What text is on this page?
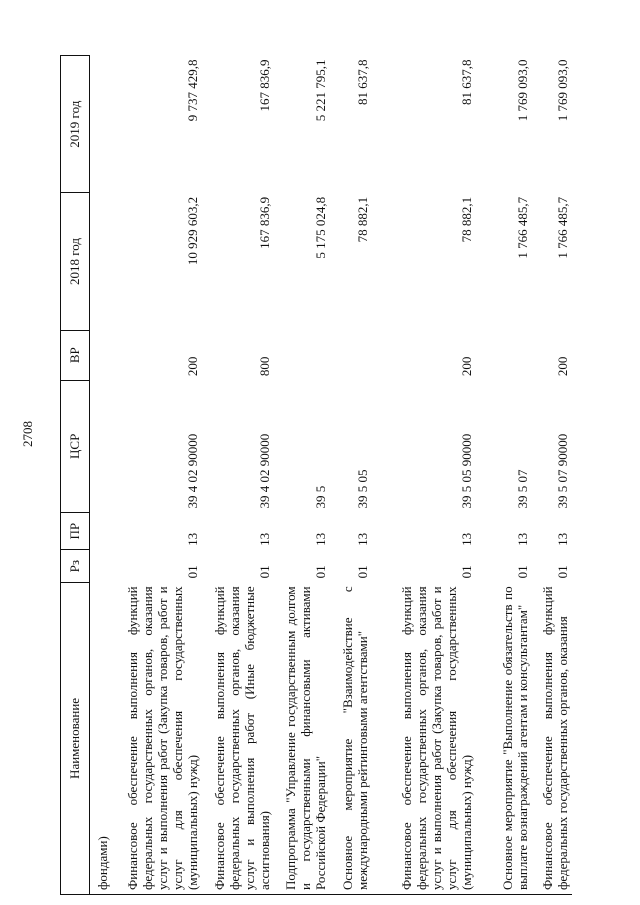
2708
Наименование	Рз	ПР	ЦСР	ВР	2018 год	2019 год
фондами)						
Финансовое обеспечение выполнения функций федеральных государственных органов, оказания услуг и выполнения работ (Закупка товаров, работ и услуг для обеспечения государственных (муниципальных) нужд)	01	13	39 4 02 90000	200	10 929 603,2	9 737 429,8
Финансовое обеспечение выполнения функций федеральных государственных органов, оказания услуг и выполнения работ (Иные бюджетные ассигнования)	01	13	39 4 02 90000	800	167 836,9	167 836,9
Подпрограмма "Управление государственным долгом и государственными финансовыми активами Российской Федерации"	01	13	39 5		5 175 024,8	5 221 795,1
Основное мероприятие "Взаимодействие с международными рейтинговыми агентствами"	01	13	39 5 05		78 882,1	81 637,8
Финансовое обеспечение выполнения функций федеральных государственных органов, оказания услуг и выполнения работ (Закупка товаров, работ и услуг для обеспечения государственных (муниципальных) нужд)	01	13	39 5 05 90000	200	78 882,1	81 637,8
Основное мероприятие "Выполнение обязательств по выплате вознаграждений агентам и консультантам"	01	13	39 5 07		1 766 485,7	1 769 093,0
Финансовое обеспечение выполнения функций федеральных государственных органов, оказания	01	13	39 5 07 90000	200	1 766 485,7	1 769 093,0
